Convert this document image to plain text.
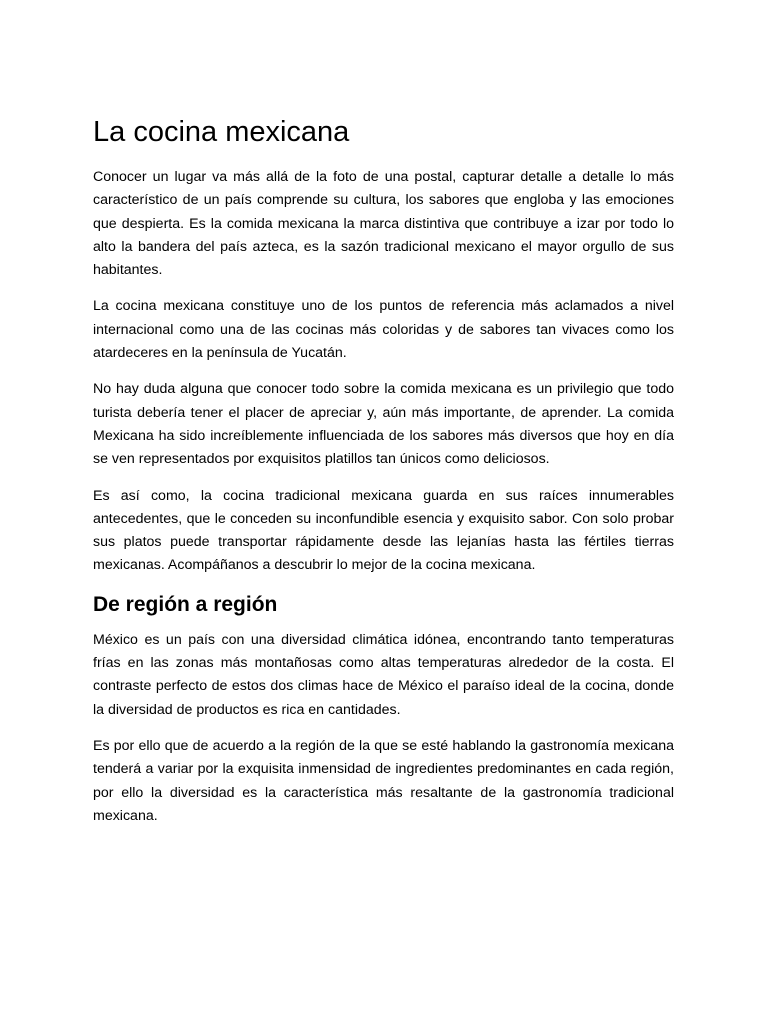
La cocina mexicana

Conocer un lugar va más allá de la foto de una postal, capturar detalle a detalle lo más característico de un país comprende su cultura, los sabores que engloba y las emociones que despierta. Es la comida mexicana la marca distintiva que contribuye a izar por todo lo alto la bandera del país azteca, es la sazón tradicional mexicano el mayor orgullo de sus habitantes.

La cocina mexicana constituye uno de los puntos de referencia más aclamados a nivel internacional como una de las cocinas más coloridas y de sabores tan vivaces como los atardeceres en la península de Yucatán.

No hay duda alguna que conocer todo sobre la comida mexicana es un privilegio que todo turista debería tener el placer de apreciar y, aún más importante, de aprender. La comida Mexicana ha sido increíblemente influenciada de los sabores más diversos que hoy en día se ven representados por exquisitos platillos tan únicos como deliciosos.

Es así como, la cocina tradicional mexicana guarda en sus raíces innumerables antecedentes, que le conceden su inconfundible esencia y exquisito sabor. Con solo probar sus platos puede transportar rápidamente desde las lejanías hasta las fértiles tierras mexicanas. Acompáñanos a descubrir lo mejor de la cocina mexicana.

De región a región

México es un país con una diversidad climática idónea, encontrando tanto temperaturas frías en las zonas más montañosas como altas temperaturas alrededor de la costa. El contraste perfecto de estos dos climas hace de México el paraíso ideal de la cocina, donde la diversidad de productos es rica en cantidades.

Es por ello que de acuerdo a la región de la que se esté hablando la gastronomía mexicana tenderá a variar por la exquisita inmensidad de ingredientes predominantes en cada región, por ello la diversidad es la característica más resaltante de la gastronomía tradicional mexicana.
